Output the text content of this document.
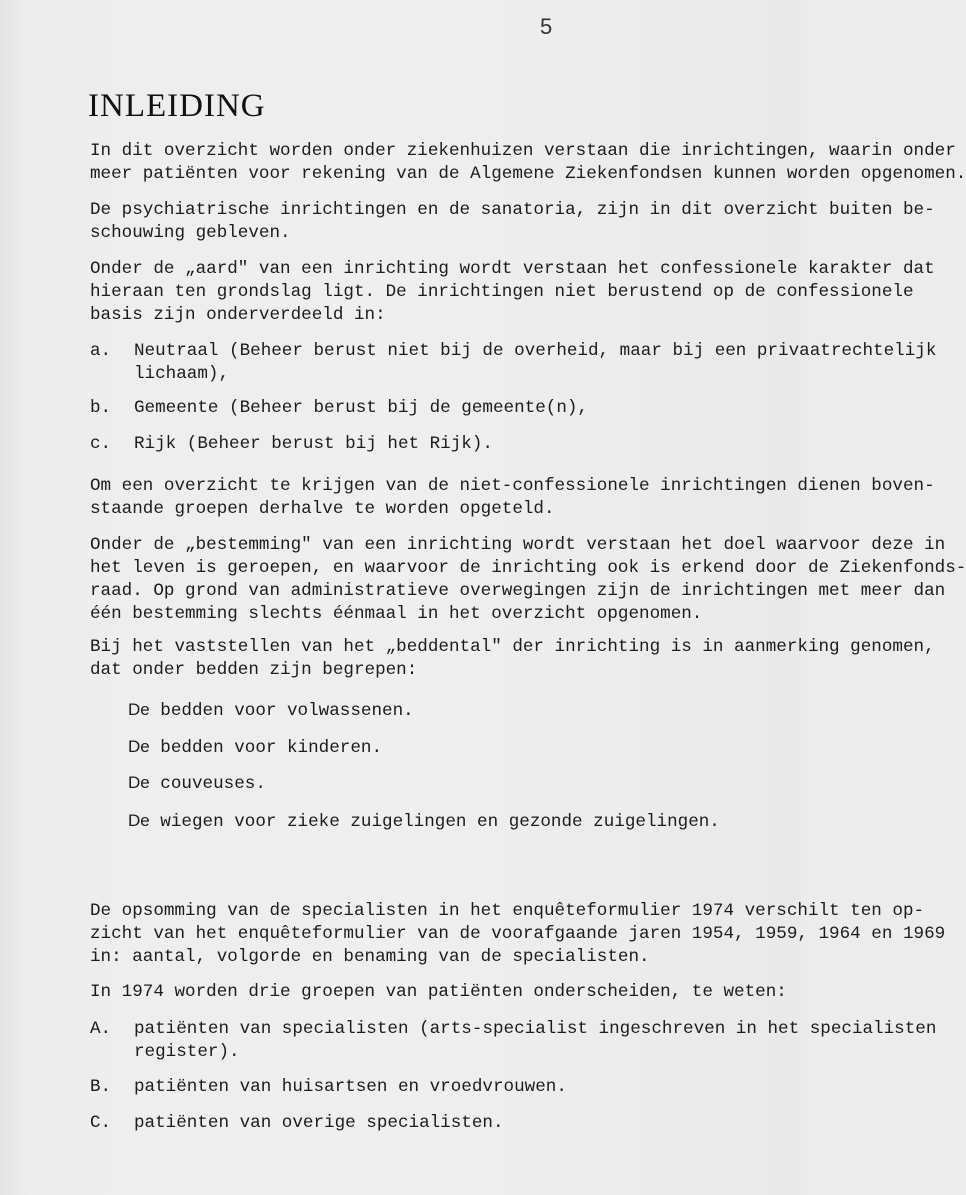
5
INLEIDING

In dit overzicht worden onder ziekenhuizen verstaan die inrichtingen, waarin onder

meer patiënten voor rekening van de Algemene Ziekenfondsen kunnen worden opgenomen.

De psychiatrische inrichtingen en de sanatoria, zijn in dit overzicht buiten be-

schouwing gebleven.

Onder de „aard" van een inrichting wordt verstaan het confessionele karakter dat

hieraan ten grondslag ligt. De inrichtingen niet berustend op de confessionele

basis zijn onderverdeeld in:

a. Neutraal (Beheer berust niet bij de overheid, maar bij een privaatrechtelijk

lichaam),

b. Gemeente (Beheer berust bij de gemeente(n),

c. Rijk (Beheer berust bij het Rijk).

Om een overzicht te krijgen van de niet-confessionele inrichtingen dienen boven-

staande groepen derhalve te worden opgeteld.

Onder de „bestemming" van een inrichting wordt verstaan het doel waarvoor deze in

het leven is geroepen, en waarvoor de inrichting ook is erkend door de Ziekenfonds-

raad. Op grond van administratieve overwegingen zijn de inrichtingen met meer dan

één bestemming slechts éénmaal in het overzicht opgenomen.

Bij het vaststellen van het „beddental" der inrichting is in aanmerking genomen,

dat onder bedden zijn begrepen:

De bedden voor volwassenen.
De bedden voor kinderen.
De couveuses.
De wiegen voor zieke zuigelingen en gezonde zuigelingen.

De opsomming van de specialisten in het enquêteformulier 1974 verschilt ten op-

zicht van het enquêteformulier van de voorafgaande jaren 1954, 1959, 1964 en 1969

in: aantal, volgorde en benaming van de specialisten.

In 1974 worden drie groepen van patiënten onderscheiden, te weten:

A. patiënten van specialisten (arts-specialist ingeschreven in het specialisten

register).

B. patiënten van huisartsen en vroedvrouwen.

C. patiënten van overige specialisten.
